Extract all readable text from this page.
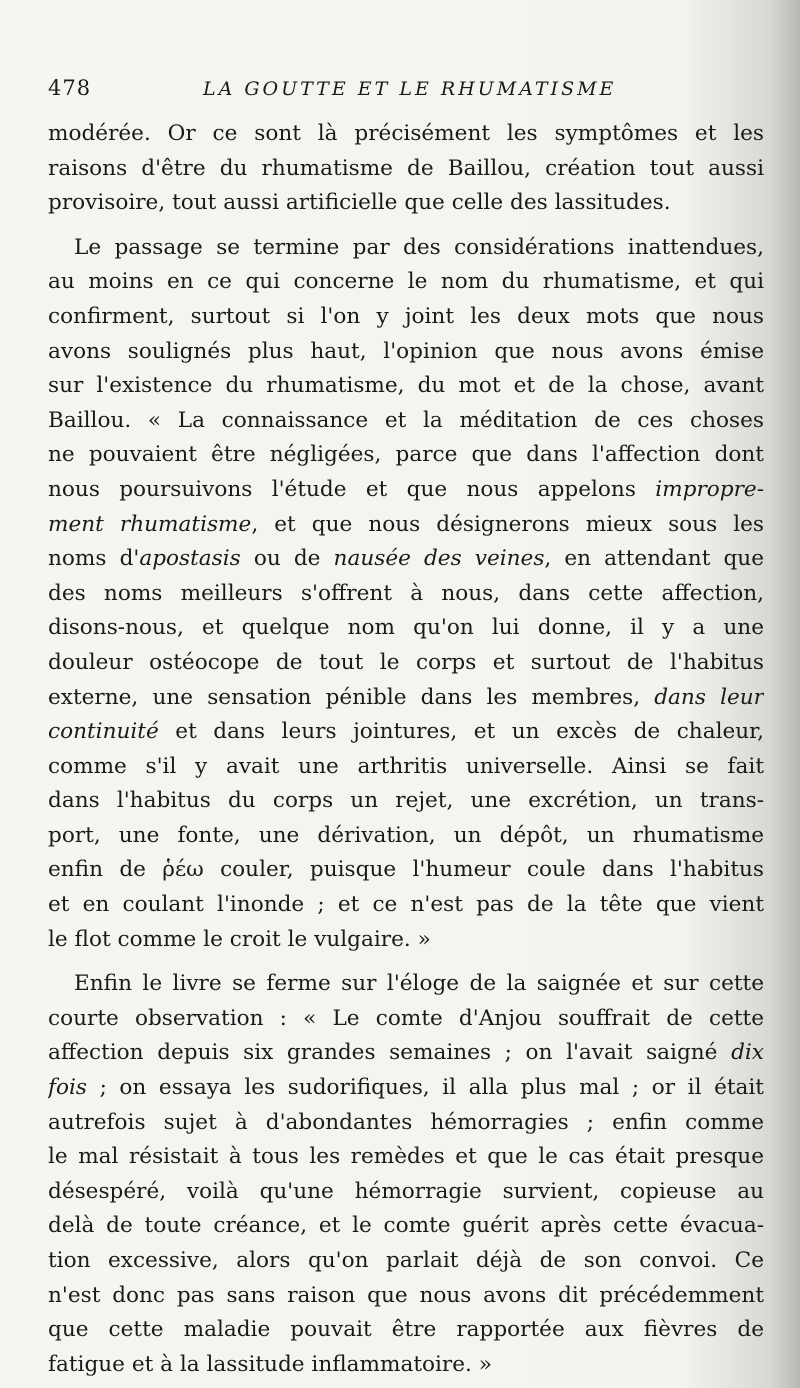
478	LA GOUTTE ET LE RHUMATISME
modérée. Or ce sont là précisément les symptômes et les
raisons d'être du rhumatisme de Baillou, création tout aussi
provisoire, tout aussi artificielle que celle des lassitudes.
Le passage se termine par des considérations inattendues,
au moins en ce qui concerne le nom du rhumatisme, et qui
confirment, surtout si l'on y joint les deux mots que nous
avons soulignés plus haut, l'opinion que nous avons émise
sur l'existence du rhumatisme, du mot et de la chose, avant
Baillou. « La connaissance et la méditation de ces choses
ne pouvaient être négligées, parce que dans l'affection dont
nous poursuivons l'étude et que nous appelons impropre-
ment rhumatisme, et que nous désignerons mieux sous les
noms d'apostasis ou de nausée des veines, en attendant que
des noms meilleurs s'offrent à nous, dans cette affection,
disons-nous, et quelque nom qu'on lui donne, il y a une
douleur ostéocope de tout le corps et surtout de l'habitus
externe, une sensation pénible dans les membres, dans leur
continuité et dans leurs jointures, et un excès de chaleur,
comme s'il y avait une arthritis universelle. Ainsi se fait
dans l'habitus du corps un rejet, une excrétion, un trans-
port, une fonte, une dérivation, un dépôt, un rhumatisme
enfin de ῥέω couler, puisque l'humeur coule dans l'habitus
et en coulant l'inonde ; et ce n'est pas de la tête que vient
le flot comme le croit le vulgaire. »
Enfin le livre se ferme sur l'éloge de la saignée et sur cette
courte observation : « Le comte d'Anjou souffrait de cette
affection depuis six grandes semaines ; on l'avait saigné dix
fois ; on essaya les sudorifiques, il alla plus mal ; or il était
autrefois sujet à d'abondantes hémorragies ; enfin comme
le mal résistait à tous les remèdes et que le cas était presque
désespéré, voilà qu'une hémorragie survient, copieuse au
delà de toute créance, et le comte guérit après cette évacua-
tion excessive, alors qu'on parlait déjà de son convoi. Ce
n'est donc pas sans raison que nous avons dit précédemment
que cette maladie pouvait être rapportée aux fièvres de
fatigue et à la lassitude inflammatoire. »
